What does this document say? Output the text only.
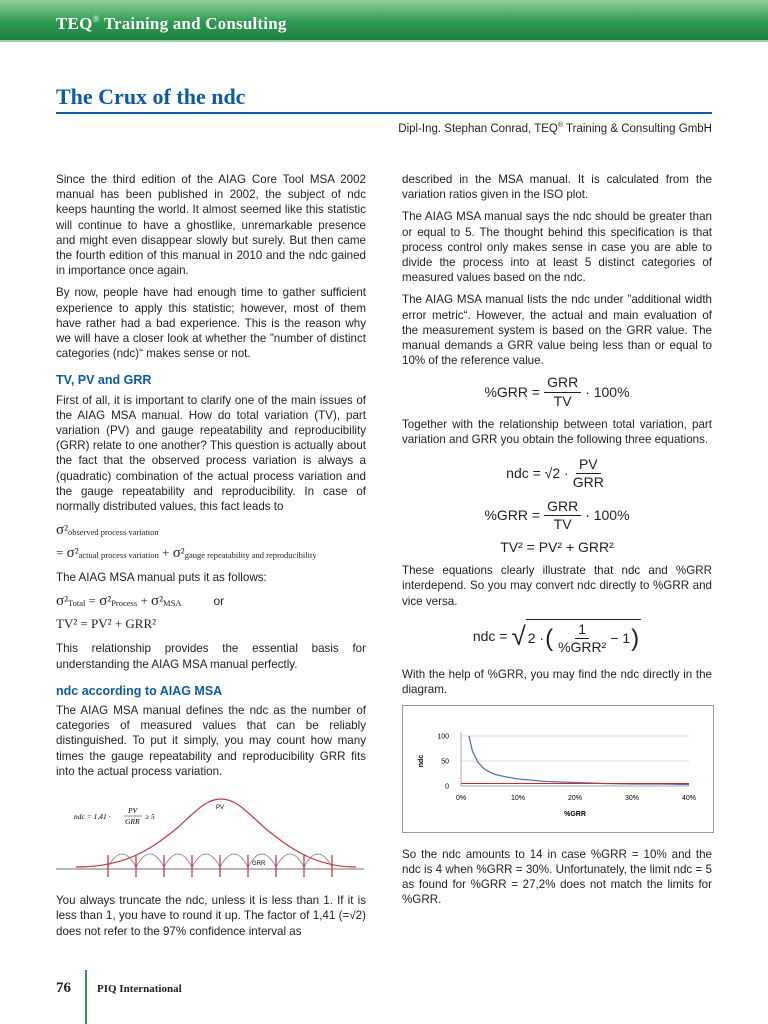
TEQ® Training and Consulting
The Crux of the ndc
Dipl-Ing. Stephan Conrad, TEQ® Training & Consulting GmbH

Since the third edition of the AIAG Core Tool MSA 2002 manual has been published in 2002, the subject of ndc keeps haunting the world. It almost seemed like this statistic will continue to have a ghostlike, unremarkable presence and might even disappear slowly but surely. But then came the fourth edition of this manual in 2010 and the ndc gained in importance once again.

By now, people have had enough time to gather sufficient experience to apply this statistic; however, most of them have rather had a bad experience. This is the reason why we will have a closer look at whether the ”number of distinct categories (ndc)“ makes sense or not.

TV, PV and GRR

First of all, it is important to clarify one of the main issues of the AIAG MSA manual. How do total variation (TV), part variation (PV) and gauge repeatability and reproducibility (GRR) relate to one another? This question is actually about the fact that the observed process variation is always a (quadratic) combination of the actual process variation and the gauge repeatability and reproducibility. In case of normally distributed values, this fact leads to

$\sigma^2_{observed process variation}$
= $\sigma^2_{actual process variation} + \sigma^2_{gauge repeatability and reproducibility}$

The AIAG MSA manual puts it as follows:

$\sigma^2_{Total} = \sigma^2_{Process} + \sigma^2_{MSA}$	or
TV² = PV² + GRR²

This relationship provides the essential basis for understanding the AIAG MSA manual perfectly.

ndc according to AIAG MSA

The AIAG MSA manual defines the ndc as the number of categories of measured values that can be reliably distinguished. To put it simply, you may count how many times the gauge repeatability and reproducibility GRR fits into the actual process variation.

ndc = 1,41 ·
PV
GRR
≥ 5
PV
GRR

You always truncate the ndc, unless it is less than 1. If it is less than 1, you have to round it up. The factor of 1,41 (=√2) does not refer to the 97% confidence interval as

described in the MSA manual. It is calculated from the variation ratios given in the ISO plot.

The AIAG MSA manual says the ndc should be greater than or equal to 5. The thought behind this specification is that process control only makes sense in case you are able to divide the process into at least 5 distinct categories of measured values based on the ndc.

The AIAG MSA manual lists the ndc under ”additional width error metric“. However, the actual and main evaluation of the measurement system is based on the GRR value. The manual demands a GRR value being less than or equal to 10% of the reference value.

$\%GRR = \frac{\text{GRR}}{TV} \cdot 100\%$

Together with the relationship between total variation, part variation and GRR you obtain the following three equations.

ndc = $√2 \cdot \frac{PV}{\text{GRR}}$
$\%GRR = \frac{\text{GRR}}{TV} \cdot 100\%$
TV² = PV² + GRR²

These equations clearly illustrate that ndc and %GRR interdepend. So you may convert ndc directly to %GRR and vice versa.

ndc = √ 2 · ( $\frac{1}{\text{\%GRR²}} - 1$ )

With the help of %GRR, you may find the ndc directly in the diagram.

0
50
100
0%	10%	20%	30%	40%
%GRR
ndc

So the ndc amounts to 14 in case %GRR = 10% and the ndc is 4 when %GRR = 30%. Unfortunately, the limit ndc = 5 as found for %GRR = 27,2% does not match the limits for %GRR.

76 PIQ International
